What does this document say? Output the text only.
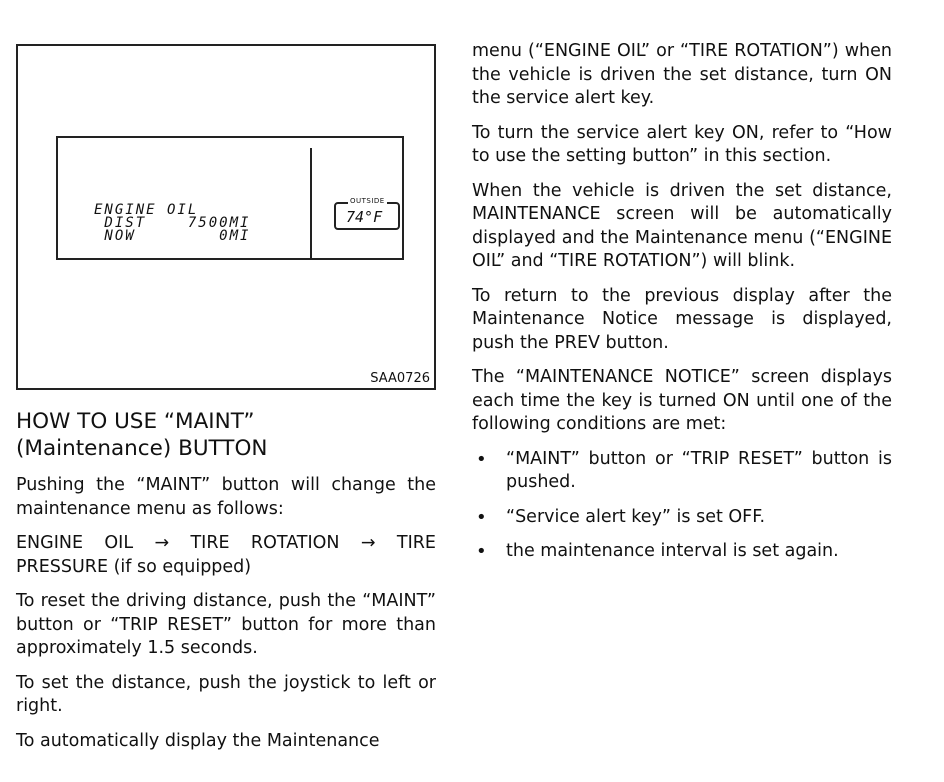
ENGINE OIL
DIST    7500MI
NOW        0MI
OUTSIDE
74°F
SAA0726
HOW TO USE “MAINT”
(Maintenance) BUTTON

Pushing the “MAINT” button will change the maintenance menu as follows:

ENGINE OIL → TIRE ROTATION → TIRE PRESSURE (if so equipped)

To reset the driving distance, push the “MAINT” button or “TRIP RESET” button for more than approximately 1.5 seconds.

To set the distance, push the joystick to left or right.

To automatically display the Maintenance

menu (“ENGINE OIL” or “TIRE ROTATION”) when the vehicle is driven the set distance, turn ON the service alert key.

To turn the service alert key ON, refer to “How to use the setting button” in this section.

When the vehicle is driven the set distance, MAINTENANCE screen will be automatically displayed and the Maintenance menu (“ENGINE OIL” and “TIRE ROTATION”) will blink.

To return to the previous display after the Maintenance Notice message is displayed, push the PREV button.

The “MAINTENANCE NOTICE” screen displays each time the key is turned ON until one of the following conditions are met:

• “MAINT” button or “TRIP RESET” button is pushed.
• “Service alert key” is set OFF.
• the maintenance interval is set again.
